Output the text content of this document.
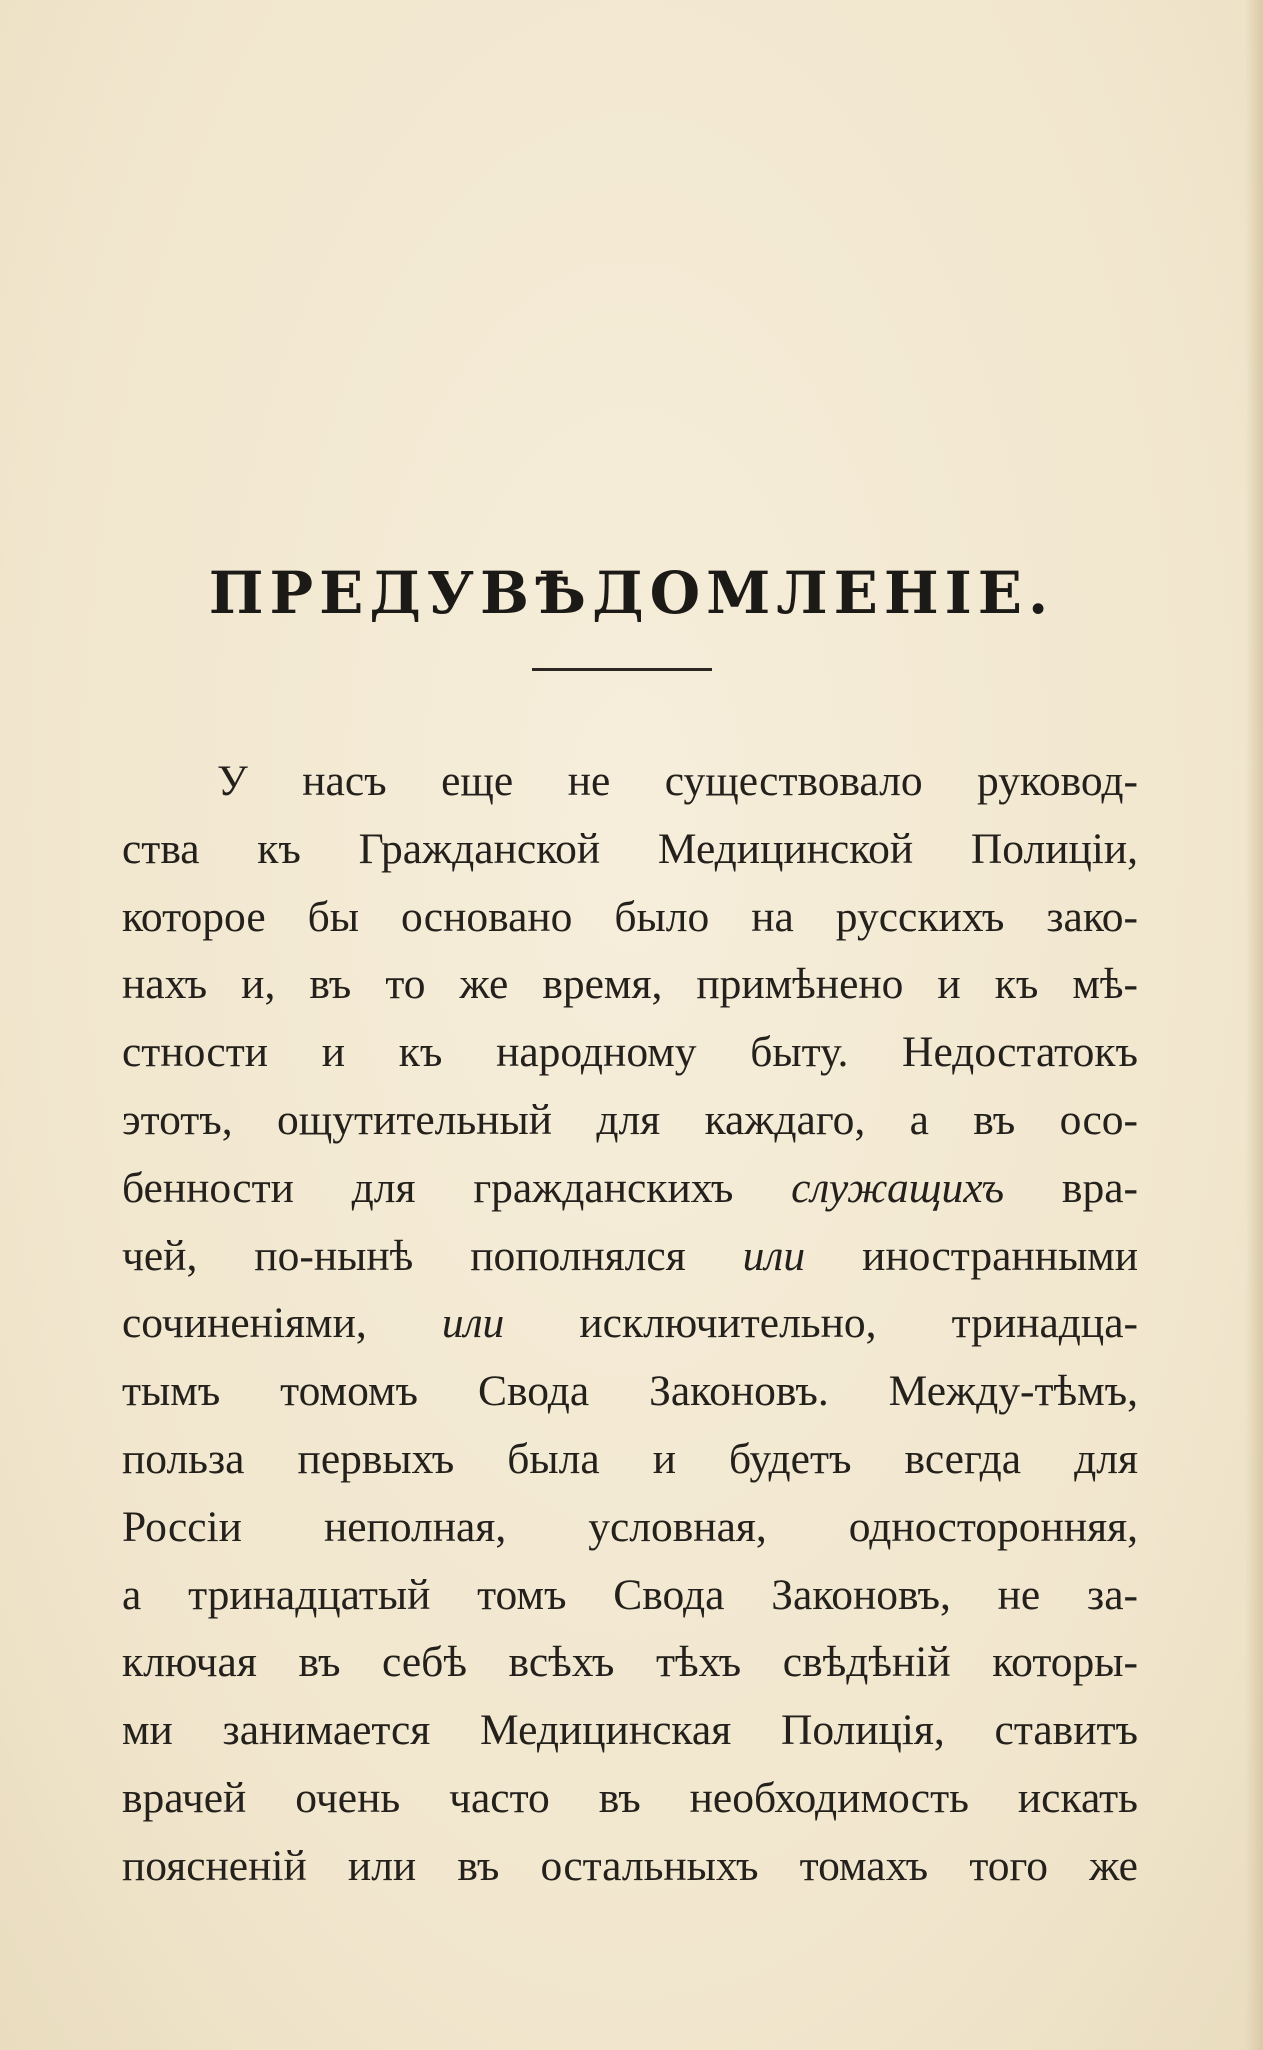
ПРЕДУВѢДОМЛЕНІЕ.
У насъ еще не существовало руковод-
ства къ Гражданской Медицинской Полиціи,
которое бы основано было на русскихъ зако-
нахъ и, въ то же время, примѣнено и къ мѣ-
стности и къ народному быту. Недостатокъ
этотъ, ощутительный для каждаго, а въ осо-
бенности для гражданскихъ служащихъ вра-
чей, по-нынѣ пополнялся или иностранными
сочиненіями, или исключительно, тринадца-
тымъ томомъ Свода Законовъ. Между-тѣмъ,
польза первыхъ была и будетъ всегда для
Россіи неполная, условная, односторонняя,
а тринадцатый томъ Свода Законовъ, не за-
ключая въ себѣ всѣхъ тѣхъ свѣдѣній которы-
ми занимается Медицинская Полиція, ставитъ
врачей очень часто въ необходимость искать
поясненій или въ остальныхъ томахъ того же
